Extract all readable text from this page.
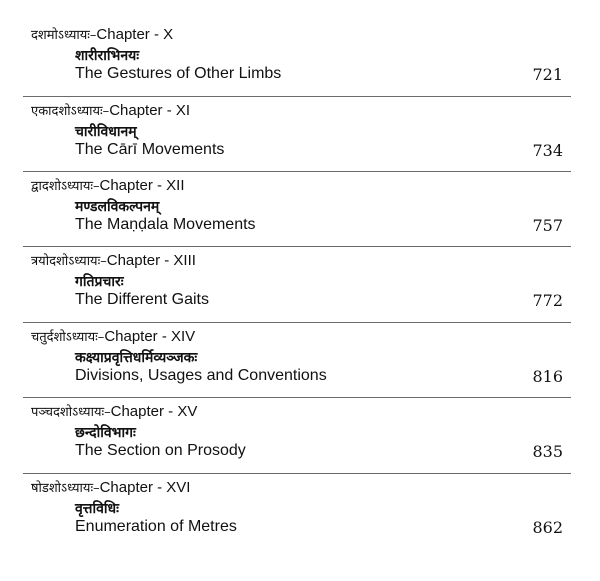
दशमोऽध्यायः–Chapter - X
शारीराभिनयः
The Gestures of Other Limbs	721
एकादशोऽध्यायः–Chapter - XI
चारीविधानम्
The Cārī Movements	734
द्वादशोऽध्यायः–Chapter - XII
मण्डलविकल्पनम्
The Maṇḍala Movements	757
त्रयोदशोऽध्यायः–Chapter - XIII
गतिप्रचारः
The Different Gaits	772
चतुर्दशोऽध्यायः–Chapter - XIV
कक्ष्याप्रवृत्तिधर्मिव्यञ्जकः
Divisions, Usages and Conventions	816
पञ्चदशोऽध्यायः–Chapter - XV
छन्दोविभागः
The Section on Prosody	835
षोडशोऽध्यायः–Chapter - XVI
वृत्तविधिः
Enumeration of Metres	862
